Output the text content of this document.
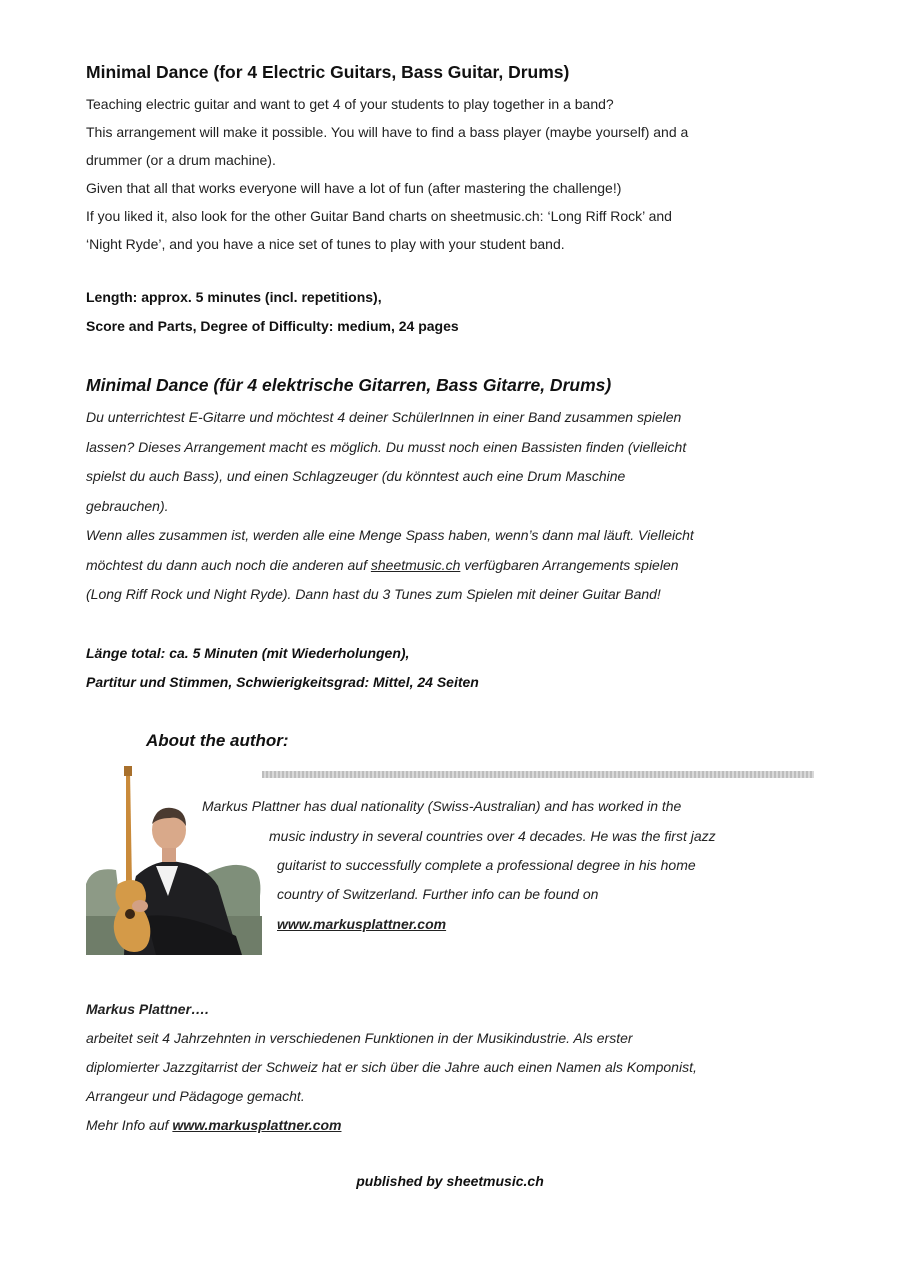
Minimal Dance (for 4 Electric Guitars, Bass Guitar, Drums)
Teaching electric guitar and want to get 4 of your students to play together in a band?
This arrangement will make it possible. You will have to find a bass player (maybe yourself) and a
drummer (or a drum machine).
Given that all that works everyone will have a lot of fun (after mastering the challenge!)
If you liked it, also look for the other Guitar Band charts on sheetmusic.ch: ‘Long Riff Rock’ and
‘Night Ryde’, and you have a nice set of tunes to play with your student band.
Length: approx. 5 minutes (incl. repetitions),
Score and Parts, Degree of Difficulty: medium, 24 pages
Minimal Dance (für 4 elektrische Gitarren, Bass Gitarre, Drums)
Du unterrichtest E-Gitarre und möchtest 4 deiner SchülerInnen in einer Band zusammen spielen
lassen? Dieses Arrangement macht es möglich. Du musst noch einen Bassisten finden (vielleicht
spielst du auch Bass), und einen Schlagzeuger (du könntest auch eine Drum Maschine
gebrauchen).
Wenn alles zusammen ist, werden alle eine Menge Spass haben, wenn’s dann mal läuft. Vielleicht
möchtest du dann auch noch die anderen auf sheetmusic.ch verfügbaren Arrangements spielen
(Long Riff Rock und Night Ryde). Dann hast du 3 Tunes zum Spielen mit deiner Guitar Band!
Länge total: ca. 5 Minuten (mit Wiederholungen),
Partitur und Stimmen, Schwierigkeitsgrad: Mittel, 24 Seiten
About the author:
Markus Plattner has dual nationality (Swiss-Australian) and has worked in the
music industry in several countries over 4 decades. He was the first jazz
guitarist to successfully complete a professional degree in his home
country of Switzerland. Further info can be found on
www.markusplattner.com
Markus Plattner….
arbeitet seit 4 Jahrzehnten in verschiedenen Funktionen in der Musikindustrie. Als erster
diplomierter Jazzgitarrist der Schweiz hat er sich über die Jahre auch einen Namen als Komponist,
Arrangeur und Pädagoge gemacht.
Mehr Info auf www.markusplattner.com
published by sheetmusic.ch
